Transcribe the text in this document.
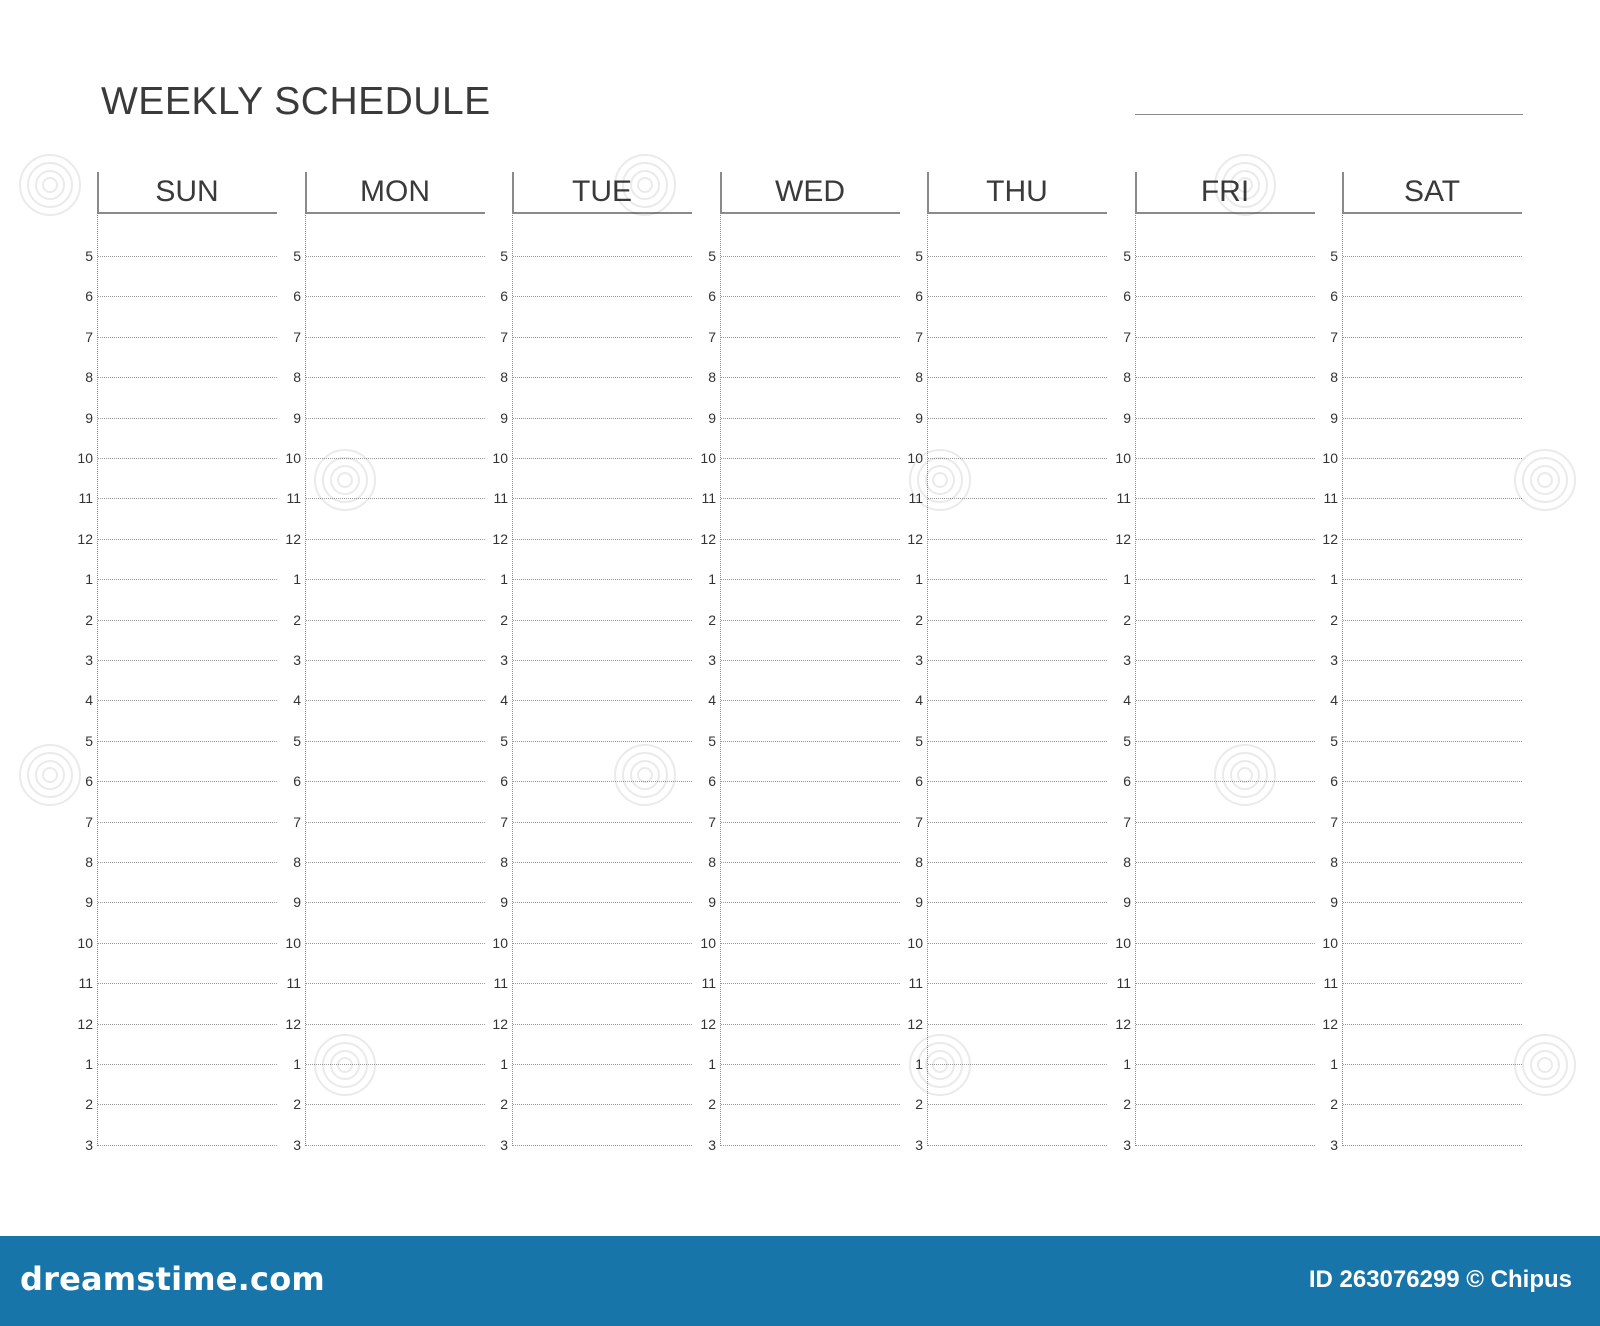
WEEKLY SCHEDULE
SUN
5
6
7
8
9
10
11
12
1
2
3
4
5
6
7
8
9
10
11
12
1
2
3
MON
5
6
7
8
9
10
11
12
1
2
3
4
5
6
7
8
9
10
11
12
1
2
3
TUE
5
6
7
8
9
10
11
12
1
2
3
4
5
6
7
8
9
10
11
12
1
2
3
WED
5
6
7
8
9
10
11
12
1
2
3
4
5
6
7
8
9
10
11
12
1
2
3
THU
5
6
7
8
9
10
11
12
1
2
3
4
5
6
7
8
9
10
11
12
1
2
3
FRI
5
6
7
8
9
10
11
12
1
2
3
4
5
6
7
8
9
10
11
12
1
2
3
SAT
5
6
7
8
9
10
11
12
1
2
3
4
5
6
7
8
9
10
11
12
1
2
3
dreamstime.com	ID 263076299 © Chipus
